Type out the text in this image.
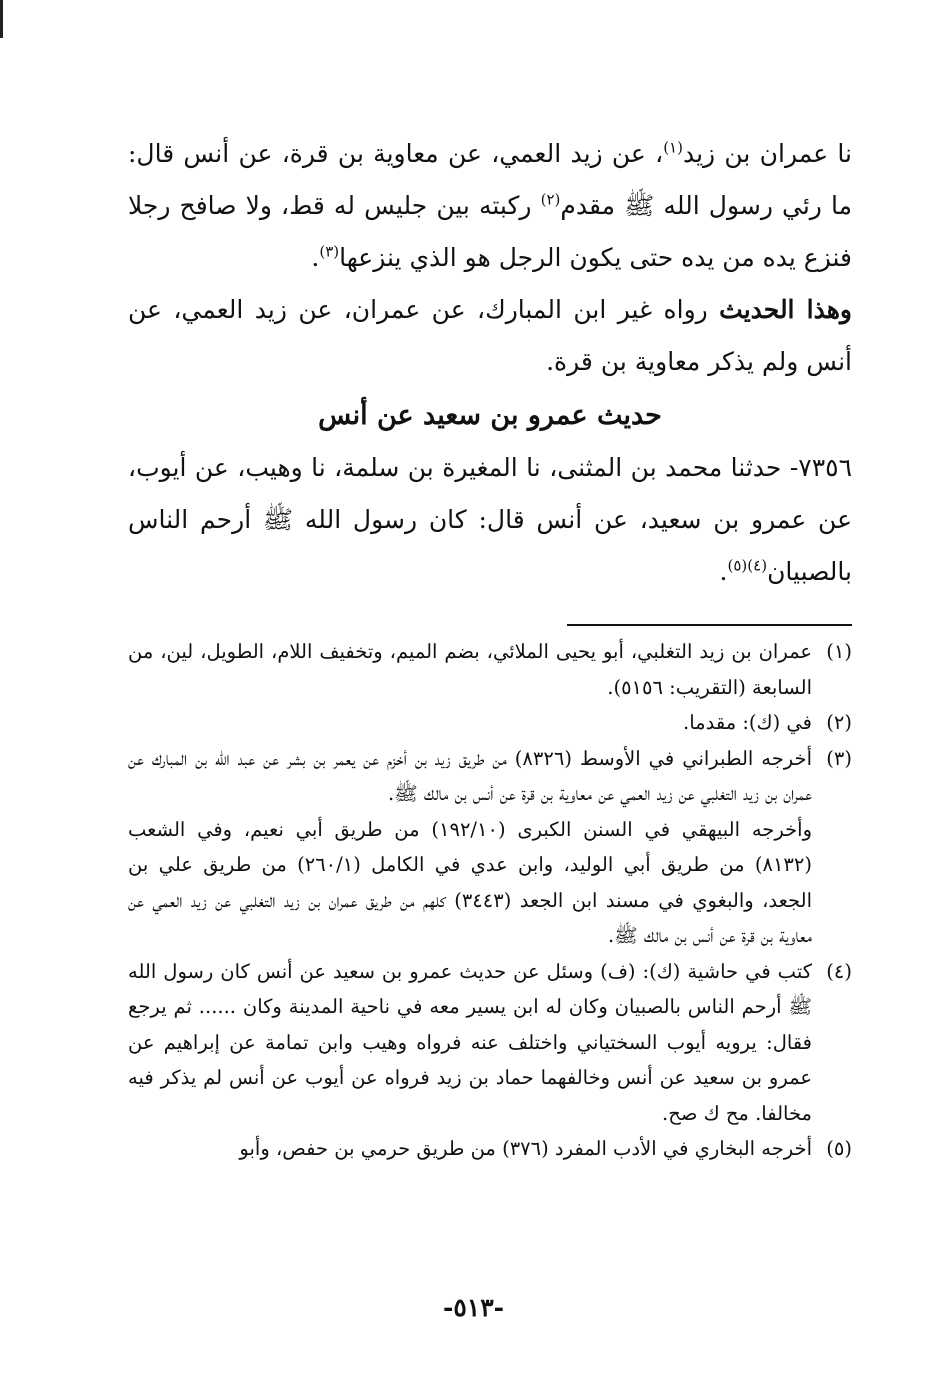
نا عمران بن زيد$^{(١)}$، عن زيد العمي، عن معاوية بن قرة، عن أنس قال: ما رئي رسول الله ﷺ مقدم$^{(٢)}$ ركبته بين جليس له قط، ولا صافح رجلا فنزع يده من يده حتى يكون الرجل هو الذي ينزعها$^{(٣)}$.

وهذا الحديث رواه غير ابن المبارك، عن عمران، عن زيد العمي، عن أنس ولم يذكر معاوية بن قرة.

حديث عمرو بن سعيد عن أنس

٧٣٥٦- حدثنا محمد بن المثنى، نا المغيرة بن سلمة، نا وهيب، عن أيوب، عن عمرو بن سعيد، عن أنس قال: كان رسول الله ﷺ أرحم الناس بالصبيان$^{(٤)(٥)}$.

(١)

عمران بن زيد التغلبي، أبو يحيى الملائي، بضم الميم، وتخفيف اللام، الطويل، لين، من السابعة (التقريب: ٥١٥٦).

(٢)

في (ك): مقدما.

(٣)

أخرجه الطبراني في الأوسط (٨٣٢٦) من طريق زيد بن أخزم عن يعمر بن بشر عن عبد الله بن المبارك عن عمران بن زيد التغلبي عن زيد العمي عن معاوية بن قرة عن أنس بن مالك ﷺ.

وأخرجه البيهقي في السنن الكبرى (١٩٢/١٠) من طريق أبي نعيم، وفي الشعب (٨١٣٢) من طريق أبي الوليد، وابن عدي في الكامل (٢٦٠/١) من طريق علي بن الجعد، والبغوي في مسند ابن الجعد (٣٤٤٣) كلهم من طريق عمران بن زيد التغلبي عن زيد العمي عن معاوية بن قرة عن أنس بن مالك ﷺ.

(٤)

كتب في حاشية (ك): (ف) وسئل عن حديث عمرو بن سعيد عن أنس كان رسول الله ﷺ أرحم الناس بالصبيان وكان له ابن يسير معه في ناحية المدينة وكان ...... ثم يرجع فقال: يرويه أيوب السختياني واختلف عنه فرواه وهيب وابن تمامة عن إبراهيم عن عمرو بن سعيد عن أنس وخالفهما حماد بن زيد فرواه عن أيوب عن أنس لم يذكر فيه مخالفا. مح ك صح.

(٥)

أخرجه البخاري في الأدب المفرد (٣٧٦) من طريق حرمي بن حفص، وأبو

-٥١٣-
